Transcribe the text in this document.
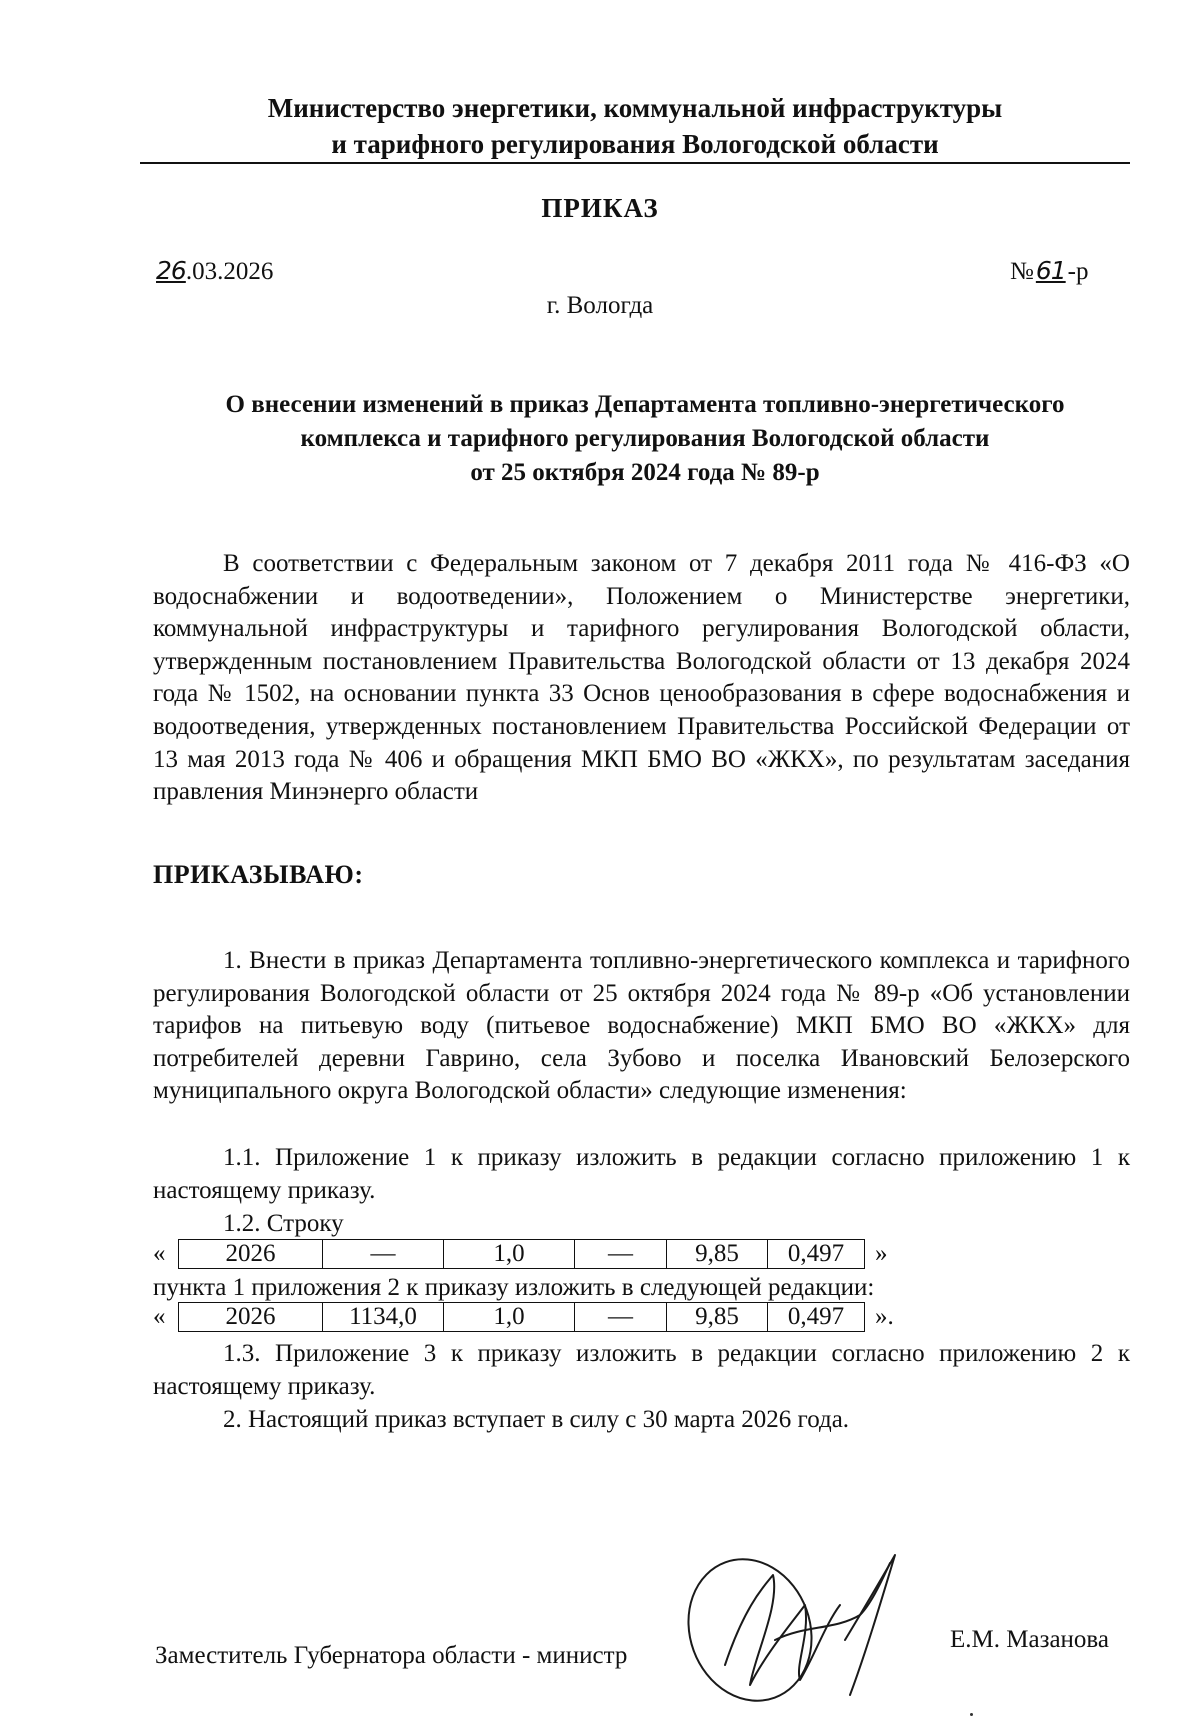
Министерство энергетики, коммунальной инфраструктуры
и тарифного регулирования Вологодской области
ПРИКАЗ
26.03.2026	№61-р
г. Вологда
О внесении изменений в приказ Департамента топливно-энергетического
комплекса и тарифного регулирования Вологодской области
от 25 октября 2024 года № 89-р
В соответствии с Федеральным законом от 7 декабря 2011 года № 416-ФЗ «О водоснабжении и водоотведении», Положением о Министерстве энергетики, коммунальной инфраструктуры и тарифного регулирования Вологодской области, утвержденным постановлением Правительства Вологодской области от 13 декабря 2024 года № 1502, на основании пункта 33 Основ ценообразования в сфере водоснабжения и водоотведения, утвержденных постановлением Правительства Российской Федерации от 13 мая 2013 года № 406 и обращения МКП БМО ВО «ЖКХ», по результатам заседания правления Минэнерго области
ПРИКАЗЫВАЮ:
1. Внести в приказ Департамента топливно-энергетического комплекса и тарифного регулирования Вологодской области от 25 октября 2024 года № 89-р «Об установлении тарифов на питьевую воду (питьевое водоснабжение) МКП БМО ВО «ЖКХ» для потребителей деревни Гаврино, села Зубово и поселка Ивановский Белозерского муниципального округа Вологодской области» следующие изменения:
1.1. Приложение 1 к приказу изложить в редакции согласно приложению 1 к настоящему приказу.
1.2. Строку
«	2026	—	1,0	—	9,85	0,497 »
пункта 1 приложения 2 к приказу изложить в следующей редакции:
«	2026	1134,0	1,0	—	9,85	0,497 ».
1.3. Приложение 3 к приказу изложить в редакции согласно приложению 2 к настоящему приказу.
2. Настоящий приказ вступает в силу с 30 марта 2026 года.
Заместитель Губернатора области - министр
Е.М. Мазанова
